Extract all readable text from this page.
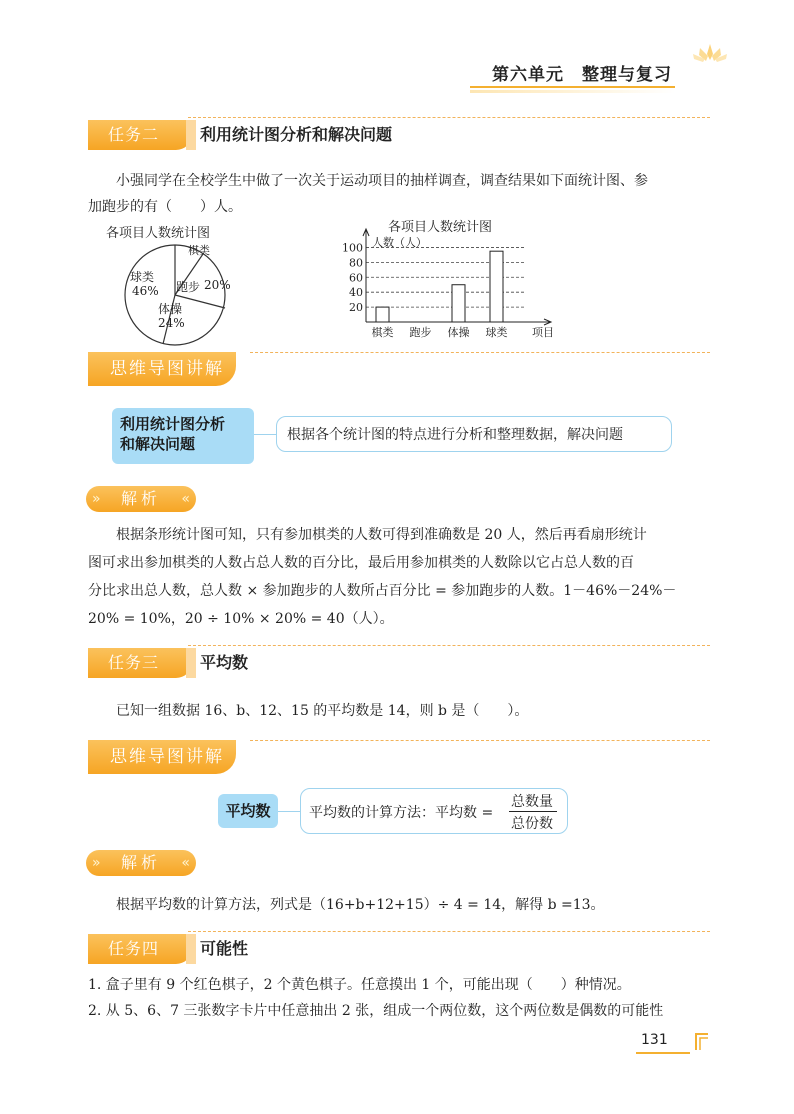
第六单元　整理与复习
任务二	利用统计图分析和解决问题
小强同学在全校学生中做了一次关于运动项目的抽样调查，调查结果如下面统计图、参
加跑步的有（　　）人。
各项目人数统计图
棋类
球类
46% 跑步 20%
体操
24%
各项目人数统计图
20
40
60
80
100 人数（人）
棋类 跑步 体操 球类 项目
思维导图讲解
利用统计图分析
和解决问题	根据各个统计图的特点进行分析和整理数据，解决问题
» 解析 «
根据条形统计图可知，只有参加棋类的人数可得到准确数是 20 人，然后再看扇形统计
图可求出参加棋类的人数占总人数的百分比，最后用参加棋类的人数除以它占总人数的百
分比求出总人数，总人数 × 参加跑步的人数所占百分比 = 参加跑步的人数。1－46%－24%－
20% = 10%，20 ÷ 10% × 20% = 40（人）。
任务三	平均数
已知一组数据 16、b、12、15 的平均数是 14，则 b 是（　　）。
思维导图讲解
平均数	平均数的计算方法：平均数 =
总数量
总份数
» 解析 «
根据平均数的计算方法，列式是（16+b+12+15）÷ 4 = 14，解得 b =13。
任务四	可能性
1. 盒子里有 9 个红色棋子，2 个黄色棋子。任意摸出 1 个，可能出现（　　）种情况。
2. 从 5、6、7 三张数字卡片中任意抽出 2 张，组成一个两位数，这个两位数是偶数的可能性
131
